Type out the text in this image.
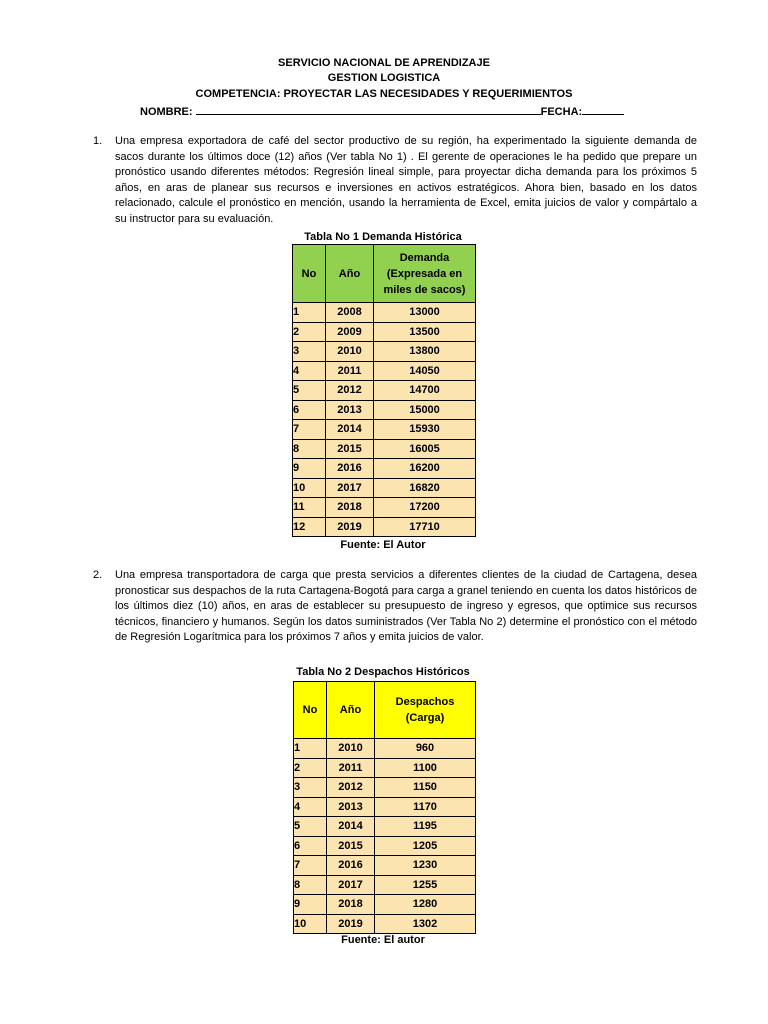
SERVICIO NACIONAL DE APRENDIZAJE
GESTION LOGISTICA
COMPETENCIA: PROYECTAR LAS NECESIDADES Y REQUERIMIENTOS
NOMBRE:	FECHA:
1. Una empresa exportadora de café del sector productivo de su región, ha experimentado la siguiente demanda de sacos durante los últimos doce (12) años (Ver tabla No 1) . El gerente de operaciones le ha pedido que prepare un pronóstico usando diferentes métodos: Regresión lineal simple, para proyectar dicha demanda para los próximos 5 años, en aras de planear sus recursos e inversiones en activos estratégicos. Ahora bien, basado en los datos relacionado, calcule el pronóstico en mención, usando la herramienta de Excel, emita juicios de valor y compártalo a su instructor para su evaluación.
Tabla No 1 Demanda Histórica
No	Año	Demanda (Expresada en miles de sacos)
1	2008	13000
2	2009	13500
3	2010	13800
4	2011	14050
5	2012	14700
6	2013	15000
7	2014	15930
8	2015	16005
9	2016	16200
10	2017	16820
11	2018	17200
12	2019	17710
Fuente: El Autor
2. Una empresa transportadora de carga que presta servicios a diferentes clientes de la ciudad de Cartagena, desea pronosticar sus despachos de la ruta Cartagena-Bogotá para carga a granel teniendo en cuenta los datos históricos de los últimos diez (10) años, en aras de establecer su presupuesto de ingreso y egresos, que optimice sus recursos técnicos, financiero y humanos. Según los datos suministrados (Ver Tabla No 2) determine el pronóstico con el método de Regresión Logarítmica para los próximos 7 años y emita juicios de valor.
Tabla No 2 Despachos Históricos
No	Año	Despachos (Carga)
1	2010	960
2	2011	1100
3	2012	1150
4	2013	1170
5	2014	1195
6	2015	1205
7	2016	1230
8	2017	1255
9	2018	1280
10	2019	1302
Fuente: El autor
